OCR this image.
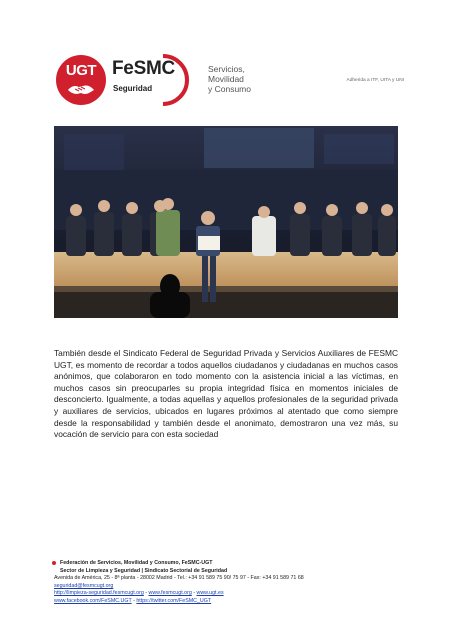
UGT FeSMC
Seguridad
Servicios,
Movilidad
y Consumo
Adherida a ITF, UITA y UNI
También desde el Sindicato Federal de Seguridad Privada y Servicios Auxiliares de FESMC UGT, es momento de recordar a todos aquellos ciudadanos y ciudadanas en muchos casos anónimos, que colaboraron en todo momento con la asistencia inicial a las víctimas, en muchos casos sin preocuparles su propia integridad física en momentos iniciales de desconcierto. Igualmente, a todas aquellas y aquellos profesionales de la seguridad privada y auxiliares de servicios, ubicados en lugares próximos al atentado que como siempre desde la responsabilidad y también desde el anonimato, demostraron una vez más, su vocación de servicio para con esta sociedad
Federación de Servicios, Movilidad y Consumo, FeSMC-UGT
Sector de Limpieza y Seguridad | Sindicato Sectorial de Seguridad
Avenida de América, 25 - 8ª planta - 28002 Madrid - Tel.: +34 91 589 75 90/ 75 97 - Fax: +34 91 589 71 68
seguridad@fesmcugt.org
http://limpieza-seguridad.fesmcugt.org - www.fesmcugt.org - www.ugt.es
www.facebook.com/FeSMC.UGT - https://twitter.com/FeSMC_UGT
